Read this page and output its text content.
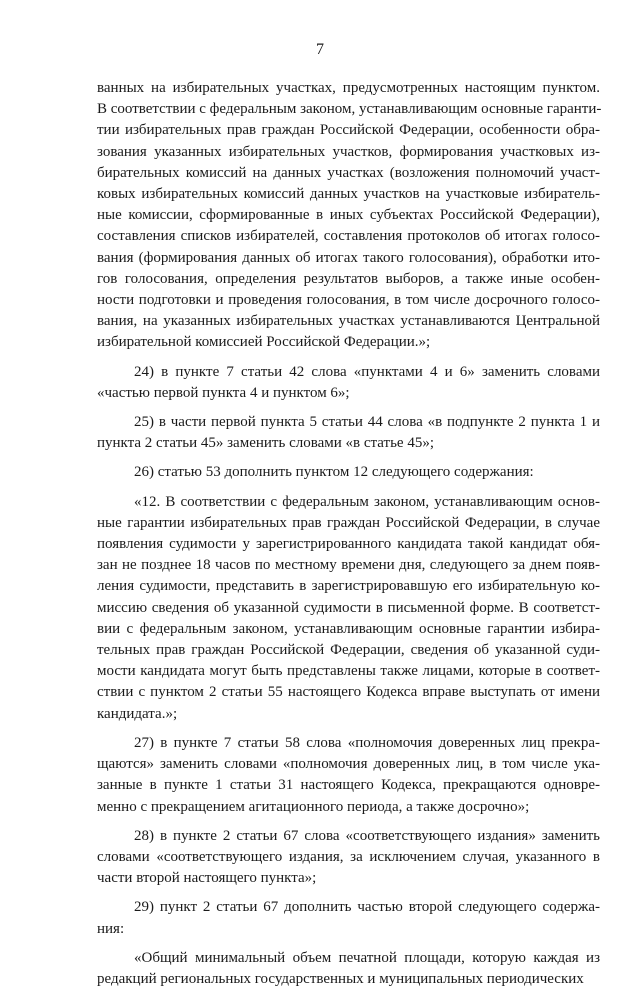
7
ванных на избирательных участках, предусмотренных настоящим пунктом.
В соответствии с федеральным законом, устанавливающим основные гаранти-
тии избирательных прав граждан Российской Федерации, особенности обра-
зования указанных избирательных участков, формирования участковых из-
бирательных комиссий на данных участках (возложения полномочий участ-
ковых избирательных комиссий данных участков на участковые избиратель-
ные комиссии, сформированные в иных субъектах Российской Федерации),
составления списков избирателей, составления протоколов об итогах голосо-
вания (формирования данных об итогах такого голосования), обработки ито-
гов голосования, определения результатов выборов, а также иные особен-
ности подготовки и проведения голосования, в том числе досрочного голосо-
вания, на указанных избирательных участках устанавливаются Центральной
избирательной комиссией Российской Федерации.»;
24) в пункте 7 статьи 42 слова «пунктами 4 и 6» заменить словами
«частью первой пункта 4 и пунктом 6»;
25) в части первой пункта 5 статьи 44 слова «в подпункте 2 пункта 1 и
пункта 2 статьи 45» заменить словами «в статье 45»;
26) статью 53 дополнить пунктом 12 следующего содержания:
«12. В соответствии с федеральным законом, устанавливающим основ-
ные гарантии избирательных прав граждан Российской Федерации, в случае
появления судимости у зарегистрированного кандидата такой кандидат обя-
зан не позднее 18 часов по местному времени дня, следующего за днем появ-
ления судимости, представить в зарегистрировавшую его избирательную ко-
миссию сведения об указанной судимости в письменной форме. В соответст-
вии с федеральным законом, устанавливающим основные гарантии избира-
тельных прав граждан Российской Федерации, сведения об указанной суди-
мости кандидата могут быть представлены также лицами, которые в соответ-
ствии с пунктом 2 статьи 55 настоящего Кодекса вправе выступать от имени
кандидата.»;
27) в пункте 7 статьи 58 слова «полномочия доверенных лиц прекра-
щаются» заменить словами «полномочия доверенных лиц, в том числе ука-
занные в пункте 1 статьи 31 настоящего Кодекса, прекращаются одновре-
менно с прекращением агитационного периода, а также досрочно»;
28) в пункте 2 статьи 67 слова «соответствующего издания» заменить
словами «соответствующего издания, за исключением случая, указанного в
части второй настоящего пункта»;
29) пункт 2 статьи 67 дополнить частью второй следующего содержа-
ния:
«Общий минимальный объем печатной площади, которую каждая из
редакций региональных государственных и муниципальных периодических
